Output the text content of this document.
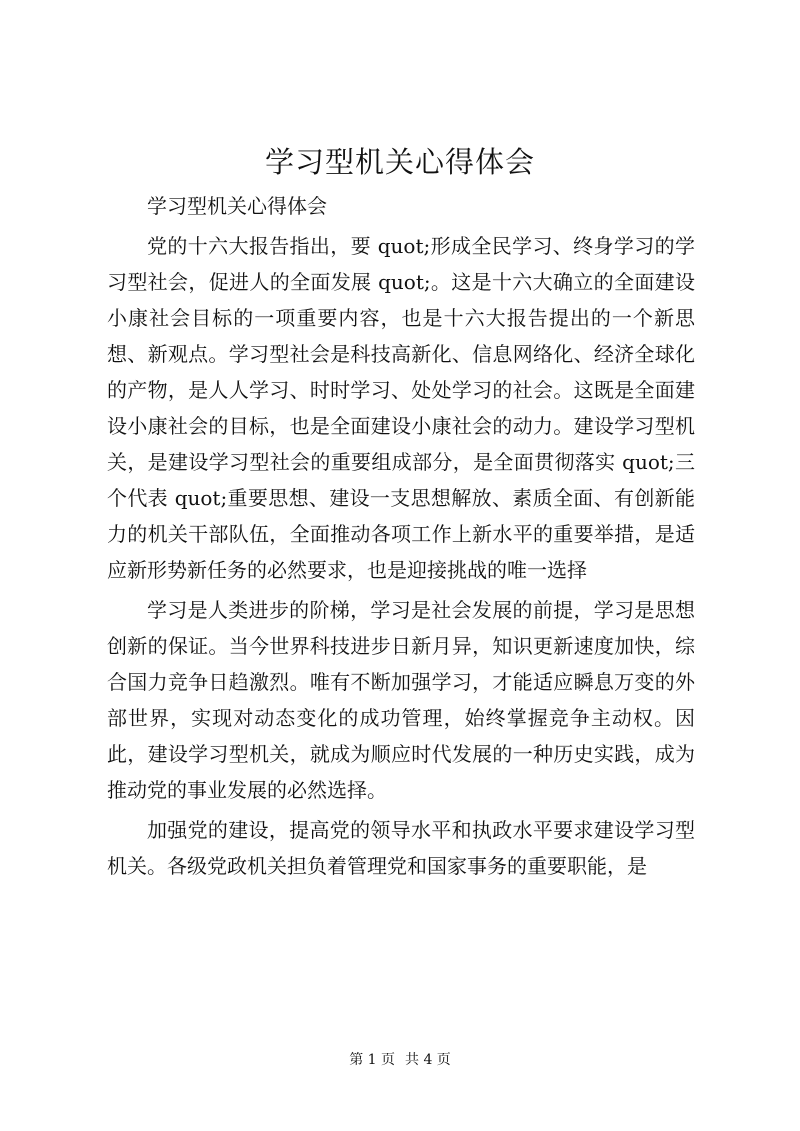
学习型机关心得体会

学习型机关心得体会

党的十六大报告指出，要 quot;形成全民学习、终身学习的学习型社会，促进人的全面发展 quot;。这是十六大确立的全面建设小康社会目标的一项重要内容，也是十六大报告提出的一个新思想、新观点。学习型社会是科技高新化、信息网络化、经济全球化的产物，是人人学习、时时学习、处处学习的社会。这既是全面建设小康社会的目标，也是全面建设小康社会的动力。建设学习型机关，是建设学习型社会的重要组成部分，是全面贯彻落实 quot;三个代表 quot;重要思想、建设一支思想解放、素质全面、有创新能力的机关干部队伍，全面推动各项工作上新水平的重要举措，是适应新形势新任务的必然要求，也是迎接挑战的唯一选择

学习是人类进步的阶梯，学习是社会发展的前提，学习是思想创新的保证。当今世界科技进步日新月异，知识更新速度加快，综合国力竞争日趋激烈。唯有不断加强学习，才能适应瞬息万变的外部世界，实现对动态变化的成功管理，始终掌握竞争主动权。因此，建设学习型机关，就成为顺应时代发展的一种历史实践，成为推动党的事业发展的必然选择。

加强党的建设，提高党的领导水平和执政水平要求建设学习型机关。各级党政机关担负着管理党和国家事务的重要职能，是

第 1 页 共 4 页
